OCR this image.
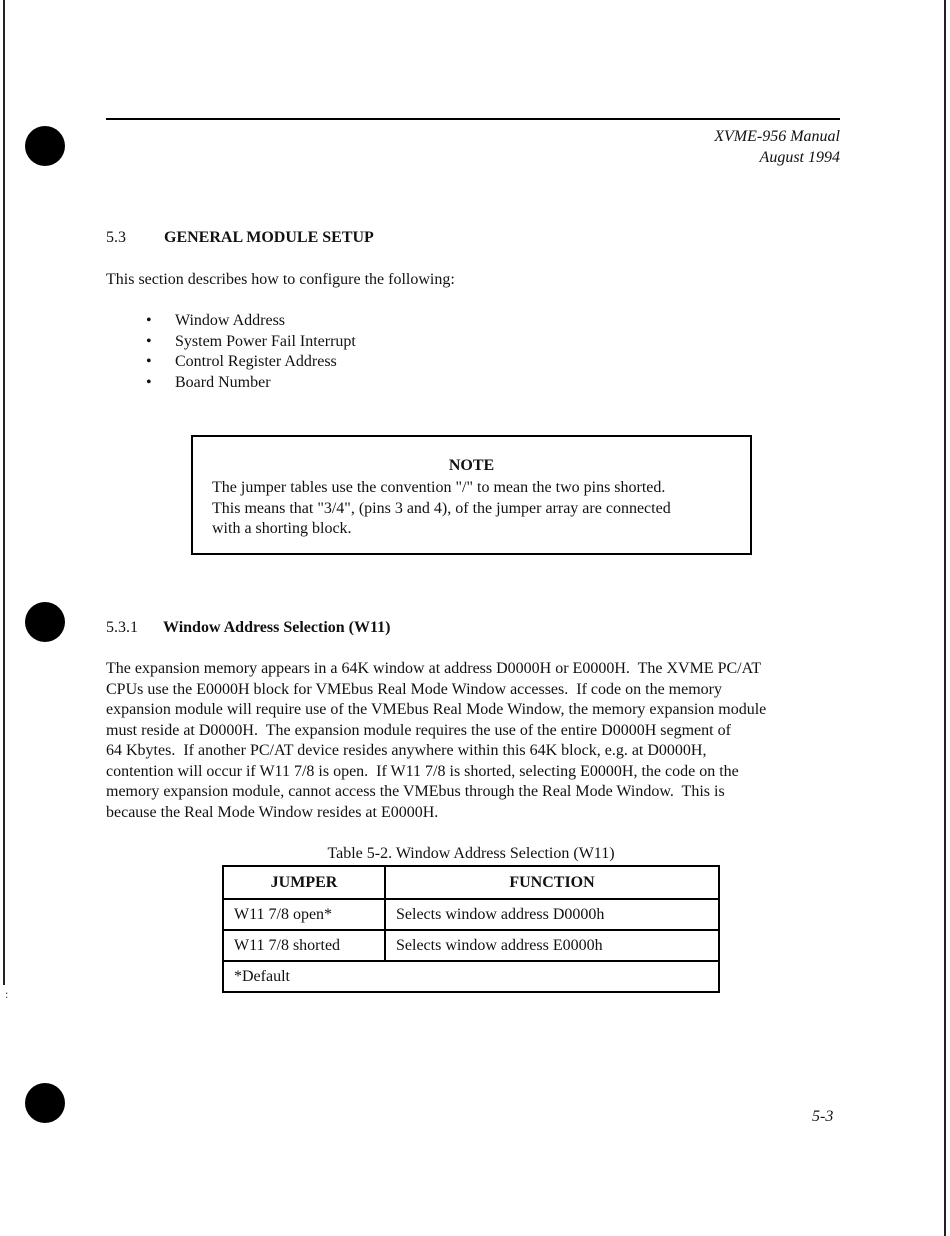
:
XVME-956 Manual
August 1994
5.3 GENERAL MODULE SETUP
This section describes how to configure the following:
• Window Address
• System Power Fail Interrupt
• Control Register Address
• Board Number
NOTE
The jumper tables use the convention "/" to mean the two pins shorted.
This means that "3/4", (pins 3 and 4), of the jumper array are connected
with a shorting block.
5.3.1 Window Address Selection (W11)
The expansion memory appears in a 64K window at address D0000H or E0000H.  The XVME PC/AT
CPUs use the E0000H block for VMEbus Real Mode Window accesses.  If code on the memory
expansion module will require use of the VMEbus Real Mode Window, the memory expansion module
must reside at D0000H.  The expansion module requires the use of the entire D0000H segment of
64 Kbytes.  If another PC/AT device resides anywhere within this 64K block, e.g. at D0000H,
contention will occur if W11 7/8 is open.  If W11 7/8 is shorted, selecting E0000H, the code on the
memory expansion module, cannot access the VMEbus through the Real Mode Window.  This is
because the Real Mode Window resides at E0000H.
Table 5-2. Window Address Selection (W11)
JUMPER	FUNCTION
W11 7/8 open*	Selects window address D0000h
W11 7/8 shorted	Selects window address E0000h
*Default	
5-3
